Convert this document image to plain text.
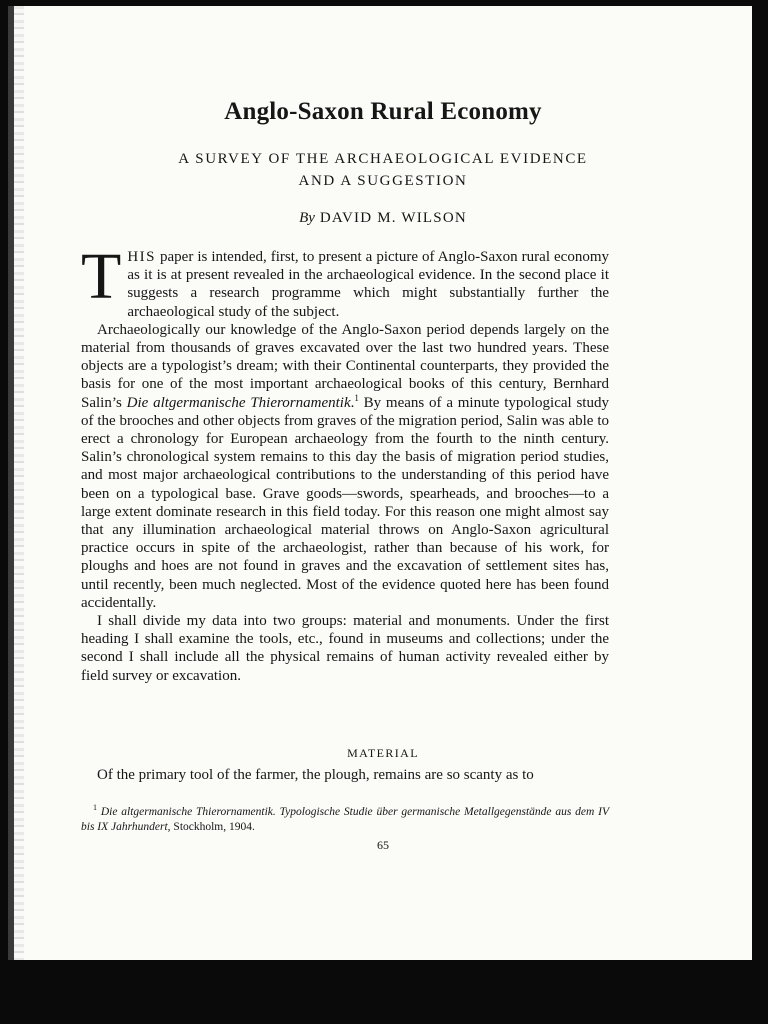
Anglo-Saxon Rural Economy
A SURVEY OF THE ARCHAEOLOGICAL EVIDENCE
AND A SUGGESTION
By DAVID M. WILSON

THIS paper is intended, first, to present a picture of Anglo-Saxon rural economy as it is at present revealed in the archaeological evidence. In the second place it suggests a research programme which might substantially further the archaeological study of the subject.

Archaeologically our knowledge of the Anglo-Saxon period depends largely on the material from thousands of graves excavated over the last two hundred years. These objects are a typologist’s dream; with their Continental counterparts, they provided the basis for one of the most important archaeological books of this century, Bernhard Salin’s Die altgermanische Thierornamentik.$^1$ By means of a minute typological study of the brooches and other objects from graves of the migration period, Salin was able to erect a chronology for European archaeology from the fourth to the ninth century. Salin’s chronological system remains to this day the basis of migration period studies, and most major archaeological contributions to the understanding of this period have been on a typological base. Grave goods—swords, spearheads, and brooches—to a large extent dominate research in this field today. For this reason one might almost say that any illumination archaeological material throws on Anglo-Saxon agricultural practice occurs in spite of the archaeologist, rather than because of his work, for ploughs and hoes are not found in graves and the excavation of settlement sites has, until recently, been much neglected. Most of the evidence quoted here has been found accidentally.

I shall divide my data into two groups: material and monuments. Under the first heading I shall examine the tools, etc., found in museums and collections; under the second I shall include all the physical remains of human activity revealed either by field survey or excavation.

MATERIAL

Of the primary tool of the farmer, the plough, remains are so scanty as to

$^1$ Die altgermanische Thierornamentik. Typologische Studie über germanische Metallgegenstände aus dem IV bis IX Jahrhundert, Stockholm, 1904.

65
